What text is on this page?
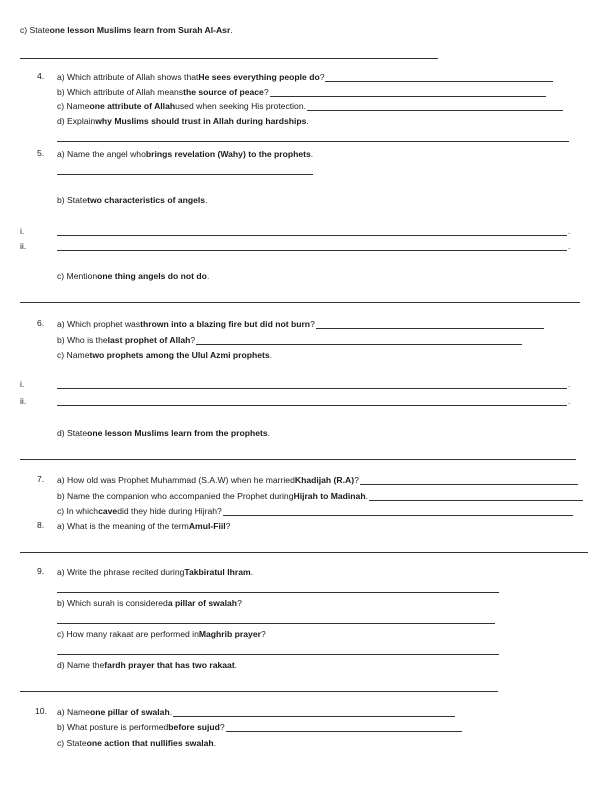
c) State one lesson Muslims learn from Surah Al-Asr .
4. a) Which attribute of Allah shows that He sees everything people do ?
b) Which attribute of Allah means the source of peace ?
c) Name one attribute of Allah used when seeking His protection.
d) Explain why Muslims should trust in Allah during hardships .
5. a) Name the angel who brings revelation (Wahy) to the prophets .
b) State two characteristics of angels .
i.	.
ii.	.
c) Mention one thing angels do not do .
6. a) Which prophet was thrown into a blazing fire but did not burn ?
b) Who is the last prophet of Allah ?
c) Name two prophets among the Ulul Azmi prophets .
i.	.
ii.	.
d) State one lesson Muslims learn from the prophets .
7. a) How old was Prophet Muhammad (S.A.W) when he married Khadijah (R.A) ?
b) Name the companion who accompanied the Prophet during Hijrah to Madinah .
c) In which cave did they hide during Hijrah?
8. a) What is the meaning of the term Amul-Fiil ?
9. a) Write the phrase recited during Takbiratul Ihram .
b) Which surah is considered a pillar of swalah ?
c) How many rakaat are performed in Maghrib prayer ?
d) Name the fardh prayer that has two rakaat .
10. a) Name one pillar of swalah .
b) What posture is performed before sujud ?
c) State one action that nullifies swalah .
